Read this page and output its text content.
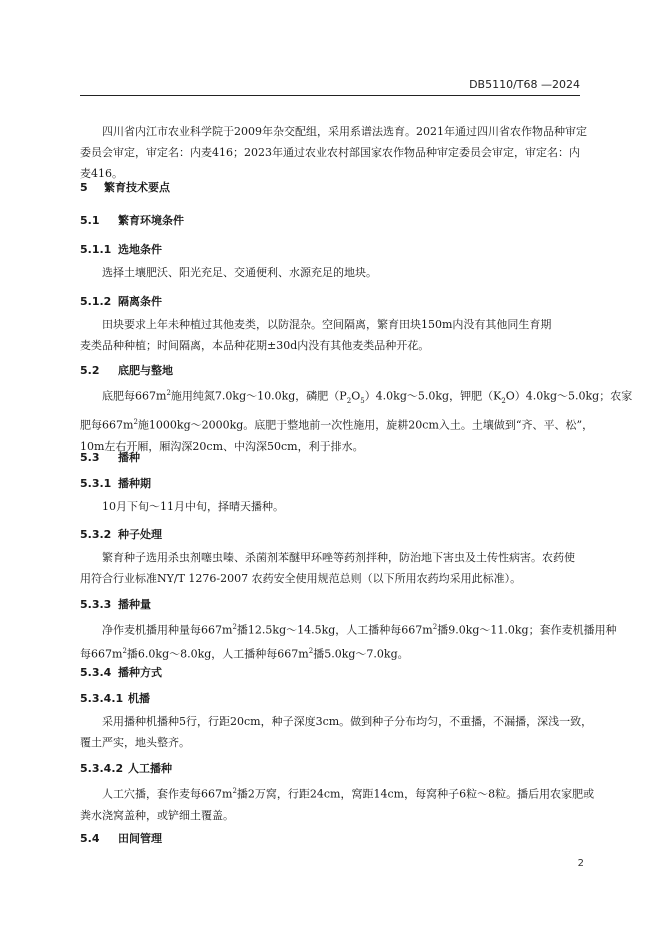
DB5110/T68 —2024

四川省内江市农业科学院于2009年杂交配组，采用系谱法选育。2021年通过四川省农作物品种审定
委员会审定，审定名：内麦416；2023年通过农业农村部国家农作物品种审定委员会审定，审定名：内
麦416。

5 繁育技术要点
5.1 繁育环境条件
5.1.1 选地条件

选择土壤肥沃、阳光充足、交通便利、水源充足的地块。

5.1.2 隔离条件

田块要求上年未种植过其他麦类，以防混杂。空间隔离，繁育田块150m内没有其他同生育期
麦类品种种植；时间隔离，本品种花期±30d内没有其他麦类品种开花。

5.2 底肥与整地

底肥每$667m^2$施用纯氮7.0kg～10.0kg，磷肥$(P_2O_5)4.0kg\sim 5.0kg$，钾肥$(K_2O)4.0kg\sim 5.0kg$；农家
肥每$667m^2$施1000kg～2000kg。底肥于整地前一次性施用，旋耕20cm入土。土壤做到“齐、平、松”，
10m左右开厢，厢沟深20cm、中沟深50cm，利于排水。

5.3 播种
5.3.1 播种期

10月下旬～11月中旬，择晴天播种。

5.3.2 种子处理

繁育种子选用杀虫剂噻虫嗪、杀菌剂苯醚甲环唑等药剂拌种，防治地下害虫及土传性病害。农药使
用符合行业标准NY/T 1276-2007 农药安全使用规范总则（以下所用农药均采用此标准）。

5.3.3 播种量

净作麦机播用种量每$667m^2$播12.5kg～14.5kg，人工播种每$667m^2$播9.0kg～11.0kg；套作麦机播用种
每$667m^2$播6.0kg～8.0kg，人工播种每$667m^2$播5.0kg～7.0kg。

5.3.4 播种方式
5.3.4.1 机播

采用播种机播种5行，行距20cm，种子深度3cm。做到种子分布均匀，不重播，不漏播，深浅一致，
覆土严实，地头整齐。

5.3.4.2 人工播种

人工穴播，套作麦每$667m^2$播2万窝，行距24cm，窝距14cm，每窝种子6粒～8粒。播后用农家肥或
粪水浇窝盖种，或铲细土覆盖。

5.4 田间管理
2
